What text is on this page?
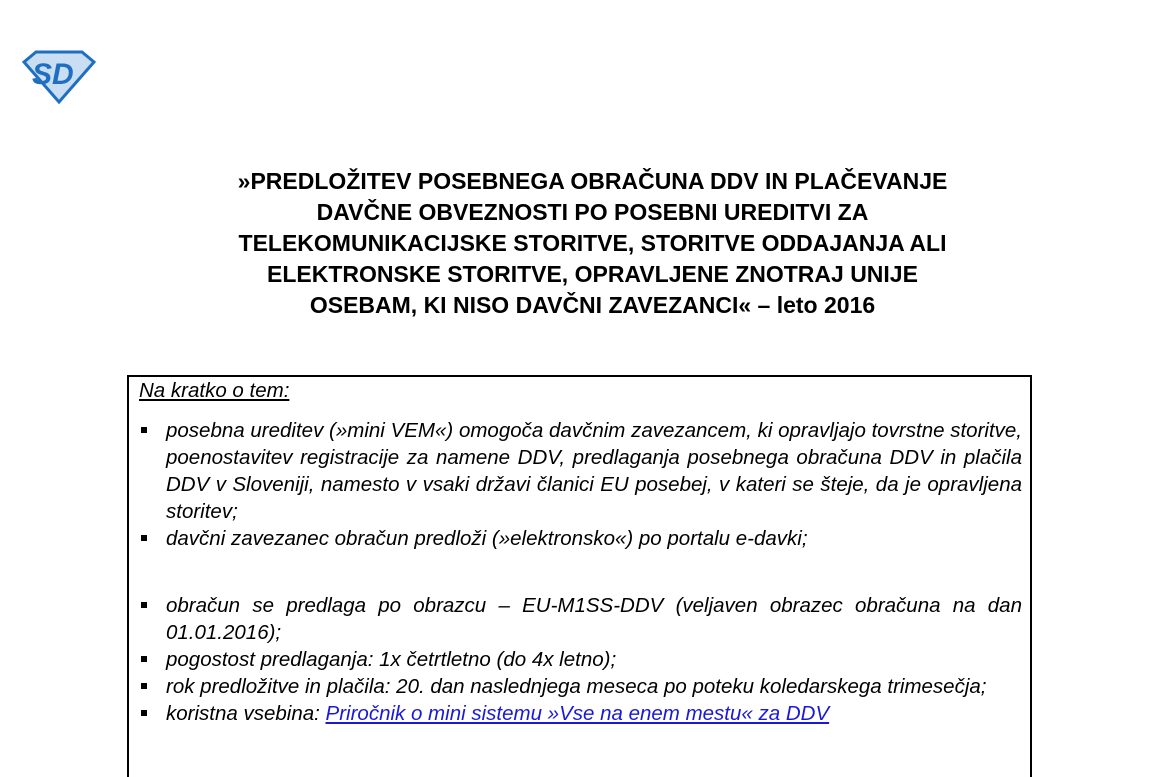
SD
»PREDLOŽITEV POSEBNEGA OBRAČUNA DDV IN PLAČEVANJE
DAVČNE OBVEZNOSTI PO POSEBNI UREDITVI ZA
TELEKOMUNIKACIJSKE STORITVE, STORITVE ODDAJANJA ALI
ELEKTRONSKE STORITVE, OPRAVLJENE ZNOTRAJ UNIJE
OSEBAM, KI NISO DAVČNI ZAVEZANCI« – leto 2016
Na kratko o tem:
posebna ureditev (»mini VEM«) omogoča davčnim zavezancem, ki opravljajo tovrstne storitve, poenostavitev registracije za namene DDV, predlaganja posebnega obračuna DDV in plačila DDV v Sloveniji, namesto v vsaki državi članici EU posebej, v kateri se šteje, da je opravljena storitev;
davčni zavezanec obračun predloži (»elektronsko«) po portalu e-davki;
obračun se predlaga po obrazcu – EU-M1SS-DDV (veljaven obrazec obračuna na dan 01.01.2016);
pogostost predlaganja: 1x četrtletno (do 4x letno);
rok predložitve in plačila: 20. dan naslednjega meseca po poteku koledarskega trimesečja;
koristna vsebina: Priročnik o mini sistemu »Vse na enem mestu« za DDV
